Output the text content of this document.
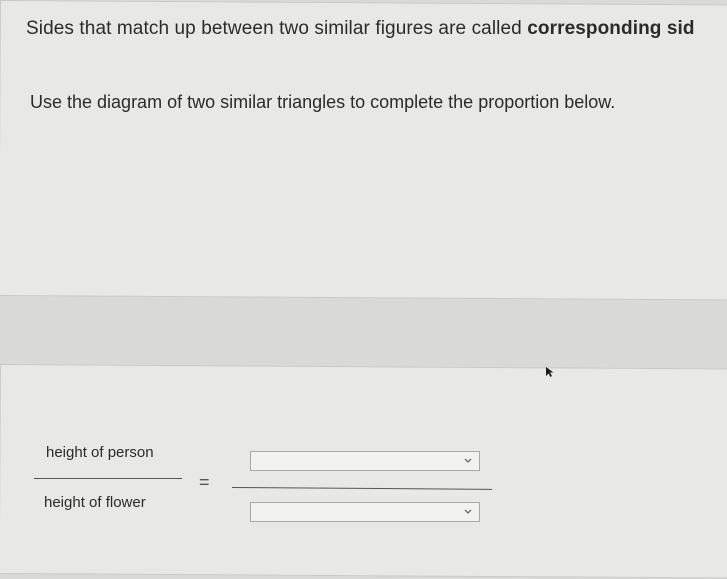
Sides that match up between two similar figures are called corresponding sid
Use the diagram of two similar triangles to complete the proportion below.
height of person
height of flower
=
